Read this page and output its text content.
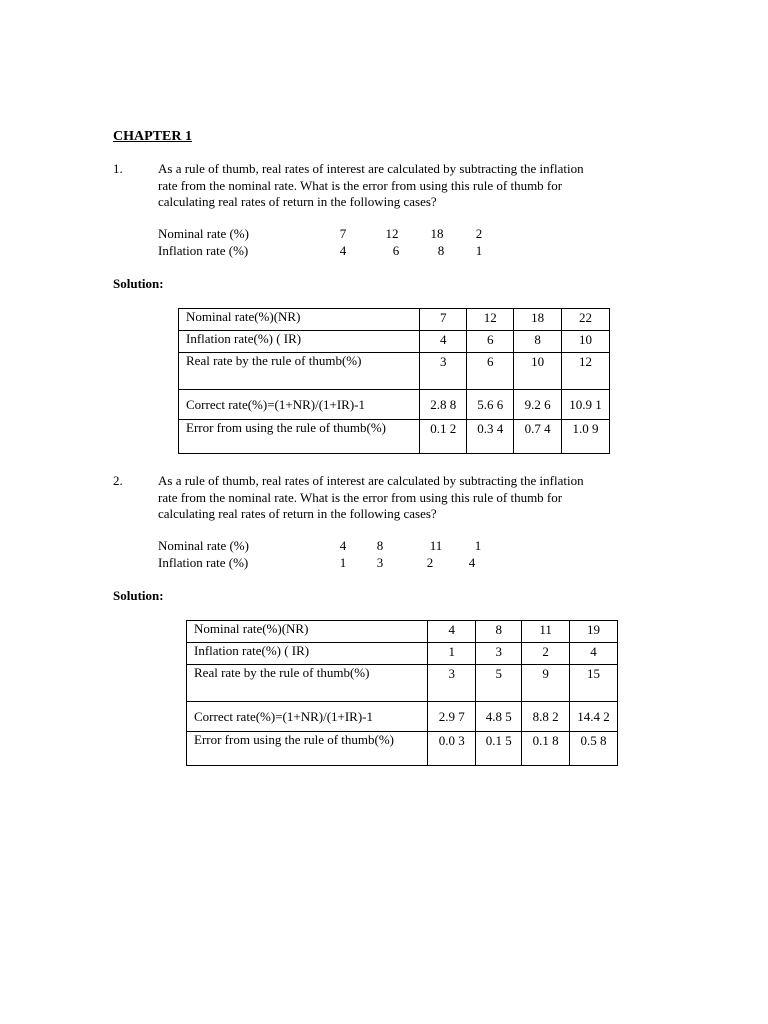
CHAPTER 1
1.	As a rule of thumb, real rates of interest are calculated by subtracting the inflation
rate from the nominal rate. What is the error from using this rule of thumb for
calculating real rates of return in the following cases?
Nominal rate (%)	7	12	18	2
Inflation rate (%)	4	6	8	1
Solution:
Nominal rate(%)(NR)	7	12	18	22
Inflation rate(%) ( IR)	4	6	8	10
Real rate by the rule of thumb(%)	3	6	10	12
Correct rate(%)=(1+NR)/(1+IR)-1	2.8 8	5.6 6	9.2 6	10.9 1
Error from using the rule of thumb(%)	0.1 2	0.3 4	0.7 4	1.0 9
2.	As a rule of thumb, real rates of interest are calculated by subtracting the inflation
rate from the nominal rate. What is the error from using this rule of thumb for
calculating real rates of return in the following cases?
Nominal rate (%)	4	8	11	1
Inflation rate (%)	1	3	2	4
Solution:
Nominal rate(%)(NR)	4	8	11	19
Inflation rate(%) ( IR)	1	3	2	4
Real rate by the rule of thumb(%)	3	5	9	15
Correct rate(%)=(1+NR)/(1+IR)-1	2.9 7	4.8 5	8.8 2	14.4 2
Error from using the rule of thumb(%)	0.0 3	0.1 5	0.1 8	0.5 8
